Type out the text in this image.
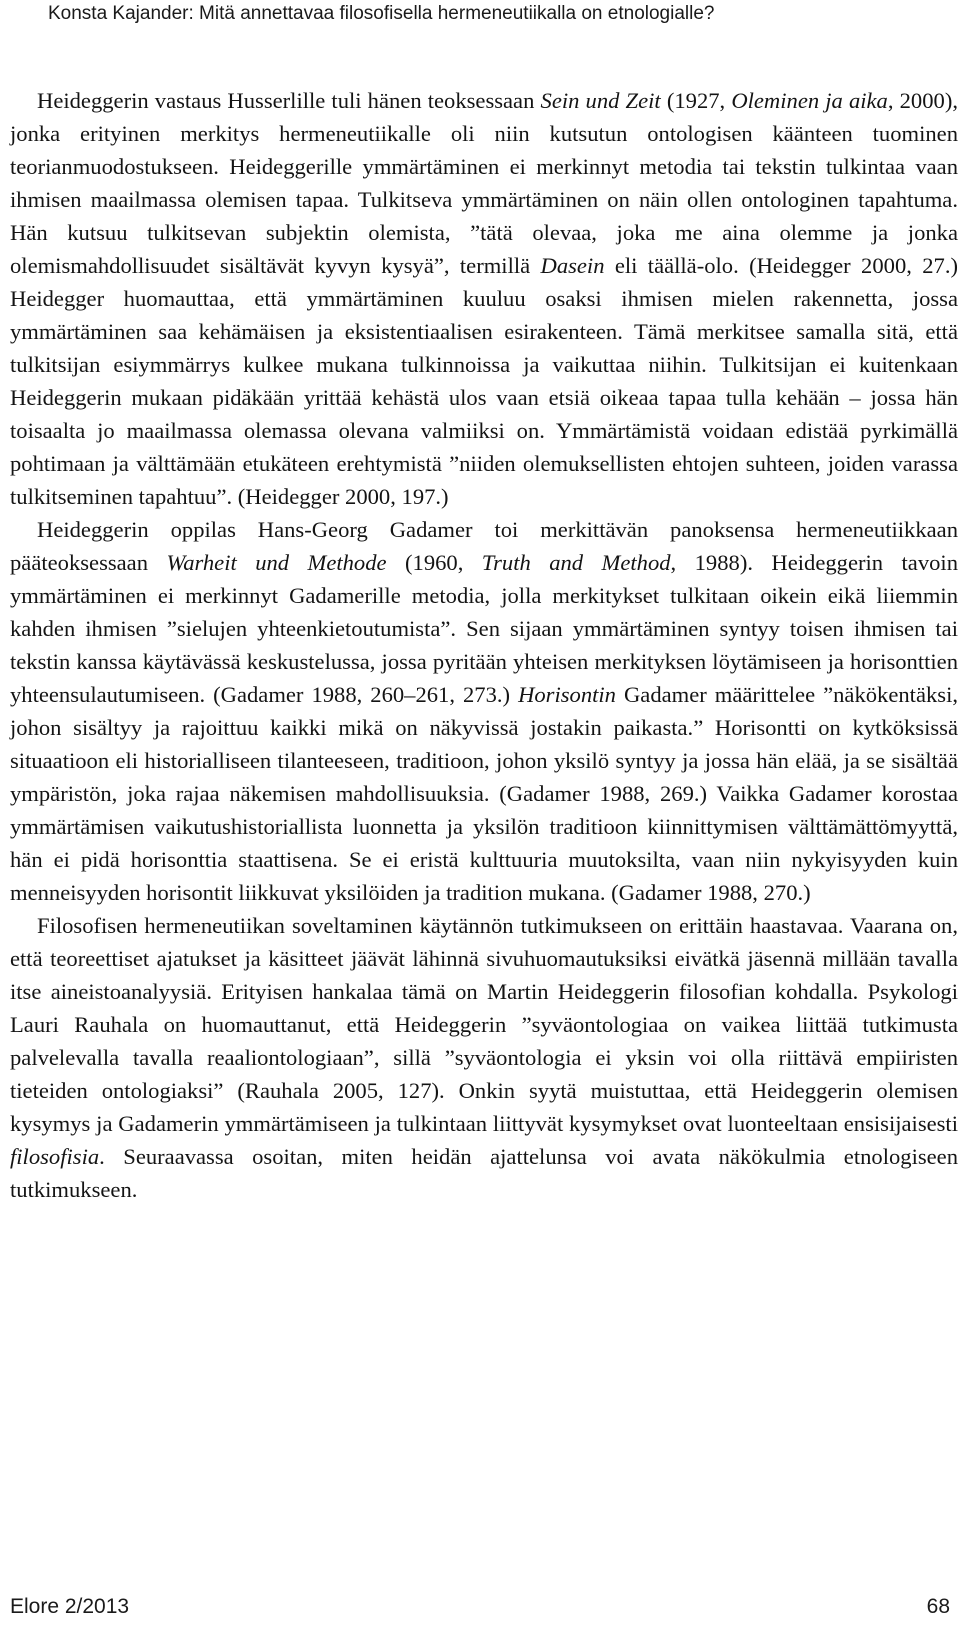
Konsta Kajander: Mitä annettavaa filosofisella hermeneutiikalla on etnologialle?

Heideggerin vastaus Husserlille tuli hänen teoksessaan Sein und Zeit (1927, Oleminen ja aika, 2000), jonka erityinen merkitys hermeneutiikalle oli niin kutsutun ontologisen käänteen tuominen teorianmuodostukseen. Heideggerille ymmärtäminen ei merkinnyt metodia tai tekstin tulkintaa vaan ihmisen maailmassa olemisen tapaa. Tulkitseva ymmärtäminen on näin ollen ontologinen tapahtuma. Hän kutsuu tulkitsevan subjektin olemista, ”tätä olevaa, joka me aina olemme ja jonka olemismahdollisuudet sisältävät kyvyn kysyä”, termillä Dasein eli täällä-olo. (Heidegger 2000, 27.) Heidegger huomauttaa, että ymmärtäminen kuuluu osaksi ihmisen mielen rakennetta, jossa ymmärtäminen saa kehämäisen ja eksistentiaalisen esirakenteen. Tämä merkitsee samalla sitä, että tulkitsijan esiymmärrys kulkee mukana tulkinnoissa ja vaikuttaa niihin. Tulkitsijan ei kuitenkaan Heideggerin mukaan pidäkään yrittää kehästä ulos vaan etsiä oikeaa tapaa tulla kehään – jossa hän toisaalta jo maailmassa olemassa olevana valmiiksi on. Ymmärtämistä voidaan edistää pyrkimällä pohtimaan ja välttämään etukäteen erehtymistä ”niiden olemuksellisten ehtojen suhteen, joiden varassa tulkitseminen tapahtuu”. (Heidegger 2000, 197.)

Heideggerin oppilas Hans-Georg Gadamer toi merkittävän panoksensa hermeneutiikkaan pääteoksessaan Warheit und Methode (1960, Truth and Method, 1988). Heideggerin tavoin ymmärtäminen ei merkinnyt Gadamerille metodia, jolla merkitykset tulkitaan oikein eikä liiemmin kahden ihmisen ”sielujen yhteenkietoutumista”. Sen sijaan ymmärtäminen syntyy toisen ihmisen tai tekstin kanssa käytävässä keskustelussa, jossa pyritään yhteisen merkityksen löytämiseen ja horisonttien yhteensulautumiseen. (Gadamer 1988, 260–261, 273.) Horisontin Gadamer määrittelee ”näkökentäksi, johon sisältyy ja rajoittuu kaikki mikä on näkyvissä jostakin paikasta.” Horisontti on kytköksissä situaatioon eli historialliseen tilanteeseen, traditioon, johon yksilö syntyy ja jossa hän elää, ja se sisältää ympäristön, joka rajaa näkemisen mahdollisuuksia. (Gadamer 1988, 269.) Vaikka Gadamer korostaa ymmärtämisen vaikutushistoriallista luonnetta ja yksilön traditioon kiinnittymisen välttämättömyyttä, hän ei pidä horisonttia staattisena. Se ei eristä kulttuuria muutoksilta, vaan niin nykyisyyden kuin menneisyyden horisontit liikkuvat yksilöiden ja tradition mukana. (Gadamer 1988, 270.)

Filosofisen hermeneutiikan soveltaminen käytännön tutkimukseen on erittäin haastavaa. Vaarana on, että teoreettiset ajatukset ja käsitteet jäävät lähinnä sivuhuomautuksiksi eivätkä jäsennä millään tavalla itse aineistoanalyysiä. Erityisen hankalaa tämä on Martin Heideggerin filosofian kohdalla. Psykologi Lauri Rauhala on huomauttanut, että Heideggerin ”syväontologiaa on vaikea liittää tutkimusta palvelevalla tavalla reaaliontologiaan”, sillä ”syväontologia ei yksin voi olla riittävä empiiristen tieteiden ontologiaksi” (Rauhala 2005, 127). Onkin syytä muistuttaa, että Heideggerin olemisen kysymys ja Gadamerin ymmärtämiseen ja tulkintaan liittyvät kysymykset ovat luonteeltaan ensisijaisesti filosofisia. Seuraavassa osoitan, miten heidän ajattelunsa voi avata näkökulmia etnologiseen tutkimukseen.

Elore 2/2013	68
